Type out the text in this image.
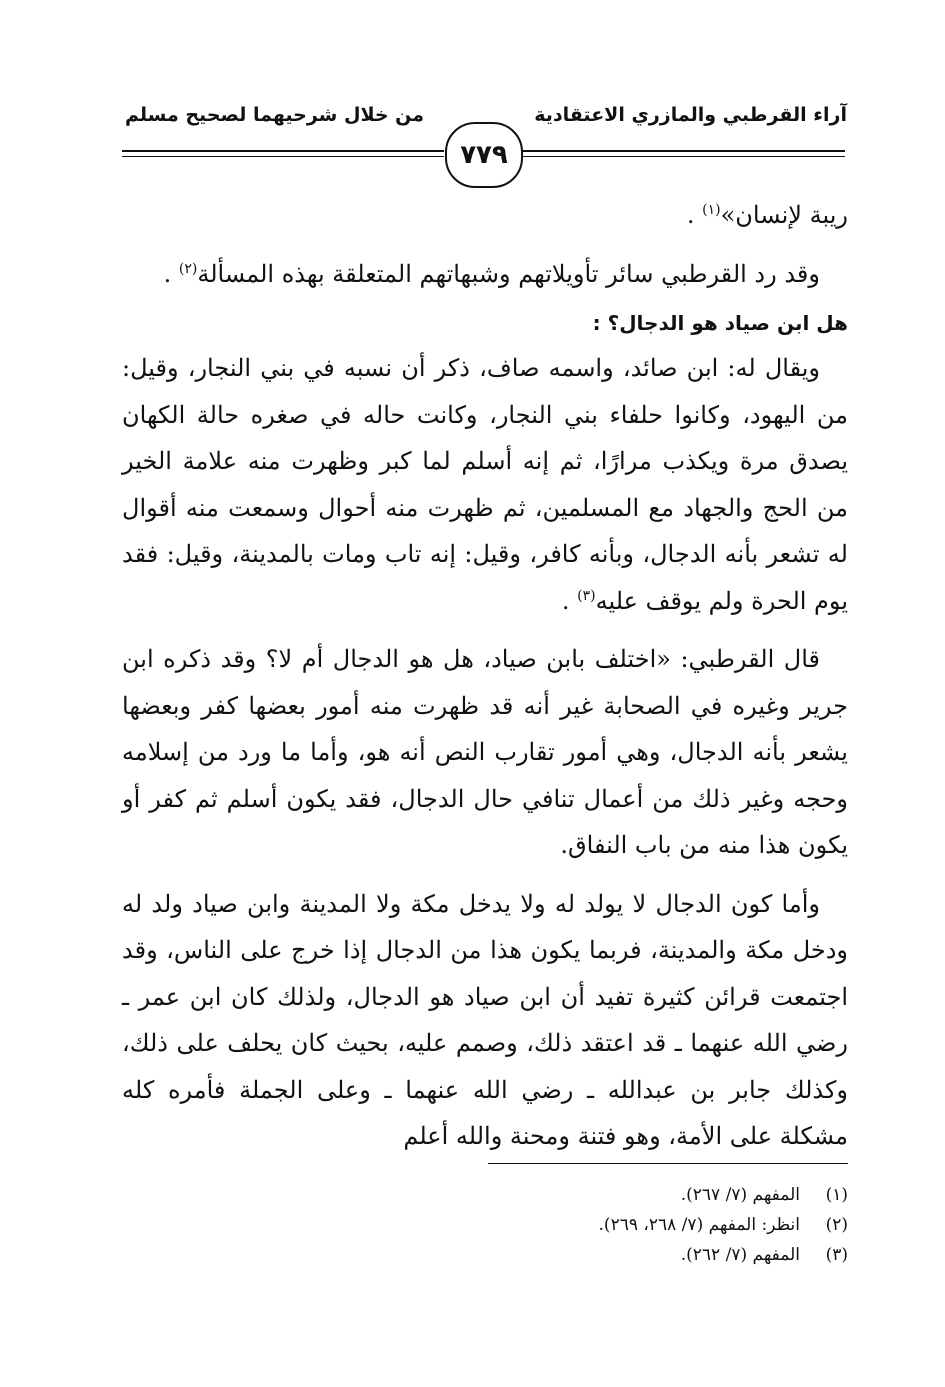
آراء القرطبي والمازري الاعتقادية
من خلال شرحيهما لصحيح مسلم
٧٧٩

ريبة لإنسان»$^{(١)}$ .

وقد رد القرطبي سائر تأويلاتهم وشبهاتهم المتعلقة بهذه المسألة$^{(٢)}$ .

هل ابن صياد هو الدجال؟ :

ويقال له: ابن صائد، واسمه صاف، ذكر أن نسبه في بني النجار، وقيل: من اليهود، وكانوا حلفاء بني النجار، وكانت حاله في صغره حالة الكهان يصدق مرة ويكذب مرارًا، ثم إنه أسلم لما كبر وظهرت منه علامة الخير من الحج والجهاد مع المسلمين، ثم ظهرت منه أحوال وسمعت منه أقوال له تشعر بأنه الدجال، وبأنه كافر، وقيل: إنه تاب ومات بالمدينة، وقيل: فقد يوم الحرة ولم يوقف عليه$^{(٣)}$ .

قال القرطبي: «اختلف بابن صياد، هل هو الدجال أم لا؟ وقد ذكره ابن جرير وغيره في الصحابة غير أنه قد ظهرت منه أمور بعضها كفر وبعضها يشعر بأنه الدجال، وهي أمور تقارب النص أنه هو، وأما ما ورد من إسلامه وحجه وغير ذلك من أعمال تنافي حال الدجال، فقد يكون أسلم ثم كفر أو يكون هذا منه من باب النفاق.

وأما كون الدجال لا يولد له ولا يدخل مكة ولا المدينة وابن صياد ولد له ودخل مكة والمدينة، فربما يكون هذا من الدجال إذا خرج على الناس، وقد اجتمعت قرائن كثيرة تفيد أن ابن صياد هو الدجال، ولذلك كان ابن عمر ـ رضي الله عنهما ـ قد اعتقد ذلك، وصمم عليه، بحيث كان يحلف على ذلك، وكذلك جابر بن عبدالله ـ رضي الله عنهما ـ وعلى الجملة فأمره كله مشكلة على الأمة، وهو فتنة ومحنة والله أعلم

(١)المفهم (٧/ ٢٦٧).
(٢)انظر: المفهم (٧/ ٢٦٨، ٢٦٩).
(٣)المفهم (٧/ ٢٦٢).
